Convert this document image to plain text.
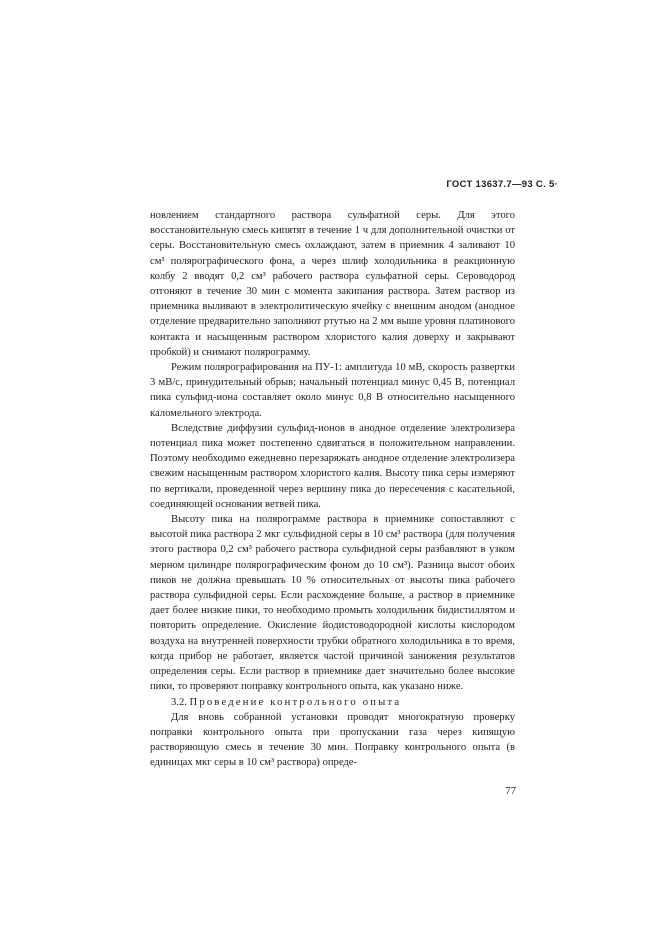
ГОСТ 13637.7—93 С. 5·

новлением стандартного раствора сульфатной серы. Для этого восстановительную смесь кипятят в течение 1 ч для дополнительной очистки от серы. Восстановительную смесь охлаждают, затем в приемник 4 заливают 10 см³ полярографического фона, а через шлиф холодильника в реакционную колбу 2 вводят 0,2 см³ рабочего раствора сульфатной серы. Сероводород отгоняют в течение 30 мин с момента закипания раствора. Затем раствор из приемника выливают в электролитическую ячейку с внешним анодом (анодное отделение предварительно заполняют ртутью на 2 мм выше уровня платинового контакта и насыщенным раствором хлористого калия доверху и закрывают пробкой) и снимают полярограмму.

Режим полярографирования на ПУ-1: амплитуда 10 мВ, скорость развертки 3 мВ/с, принудительный обрыв; начальный потенциал минус 0,45 В, потенциал пика сульфид-иона составляет около минус 0,8 В относительно насыщенного каломельного электрода.

Вследствие диффузии сульфид-ионов в анодное отделение электролизера потенциал пика может постепенно сдвигаться в положительном направлении. Поэтому необходимо ежедневно перезаряжать анодное отделение электролизера свежим насыщенным раствором хлористого калия. Высоту пика серы измеряют по вертикали, проведенной через вершину пика до пересечения с касательной, соединяющей основания ветвей пика.

Высоту пика на полярограмме раствора в приемнике сопоставляют с высотой пика раствора 2 мкг сульфидной серы в 10 см³ раствора (для получения этого раствора 0,2 см³ рабочего раствора сульфидной серы разбавляют в узком мерном цилиндре полярографическим фоном до 10 см³). Разница высот обоих пиков не должна превышать 10 % относительных от высоты пика рабочего раствора сульфидной серы. Если расхождение больше, а раствор в приемнике дает более низкие пики, то необходимо промыть холодильник бидистиллятом и повторить определение. Окисление йодистоводородной кислоты кислородом воздуха на внутренней поверхности трубки обратного холодильника в то время, когда прибор не работает, является частой причиной занижения результатов определения серы. Если раствор в приемнике дает значительно более высокие пики, то проверяют поправку контрольного опыта, как указано ниже.

3.2. Проведение контрольного опыта

Для вновь собранной установки проводят многократную проверку поправки контрольного опыта при пропускании газа через кипящую растворяющую смесь в течение 30 мин. Поправку контрольного опыта (в единицах мкг серы в 10 см³ раствора) опреде-

77
